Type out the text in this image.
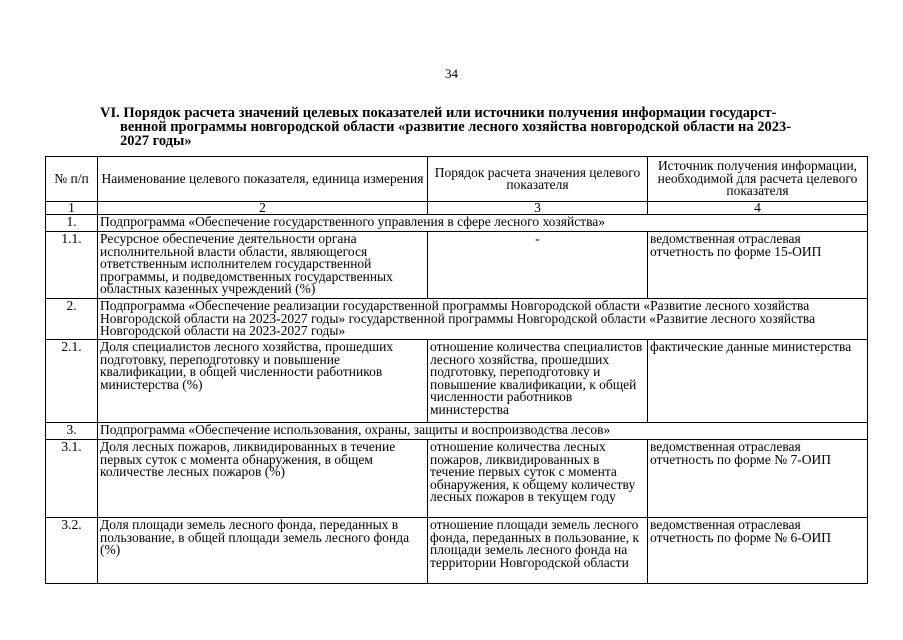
34
VI. Порядок расчета значений целевых показателей или источники получения информации государст-
венной программы новгородской области «развитие лесного хозяйства новгородской области на 2023-
2027 годы»
№ п/п	Наименование целевого показателя, единица измерения	Порядок расчета значения целевого показателя	Источник получения информации, необходимой для расчета целевого показателя
1	2	3	4
1.	Подпрограмма «Обеспечение государственного управления в сфере лесного хозяйства»		
1.1.	Ресурсное обеспечение деятельности органа исполнительной власти области, являющегося ответственным исполнителем государственной программы, и подведомственных государственных областных казенных учреждений (%)	-	ведомственная отраслевая отчетность по форме 15-ОИП
2.	Подпрограмма «Обеспечение реализации государственной программы Новгородской области «Развитие лесного хозяйства Новгородской области на 2023-2027 годы» государственной программы Новгородской области «Развитие лесного хозяйства Новгородской области на 2023-2027 годы»		
2.1.	Доля специалистов лесного хозяйства, прошедших подготовку, переподготовку и повышение квалификации, в общей численности работников министерства (%)	отношение количества специалистов лесного хозяйства, прошедших подготовку, переподготовку и повышение квалификации, к общей численности работников министерства	фактические данные министерства
3.	Подпрограмма «Обеспечение использования, охраны, защиты и воспроизводства лесов»		
3.1.	Доля лесных пожаров, ликвидированных в течение первых суток с момента обнаружения, в общем количестве лесных пожаров (%)	отношение количества лесных пожаров, ликвидированных в течение первых суток с момента обнаружения, к общему количеству лесных пожаров в текущем году	ведомственная отраслевая отчетность по форме № 7-ОИП
3.2.	Доля площади земель лесного фонда, переданных в пользование, в общей площади земель лесного фонда (%)	отношение площади земель лесного фонда, переданных в пользование, к площади земель лесного фонда на территории Новгородской области	ведомственная отраслевая отчетность по форме № 6-ОИП
